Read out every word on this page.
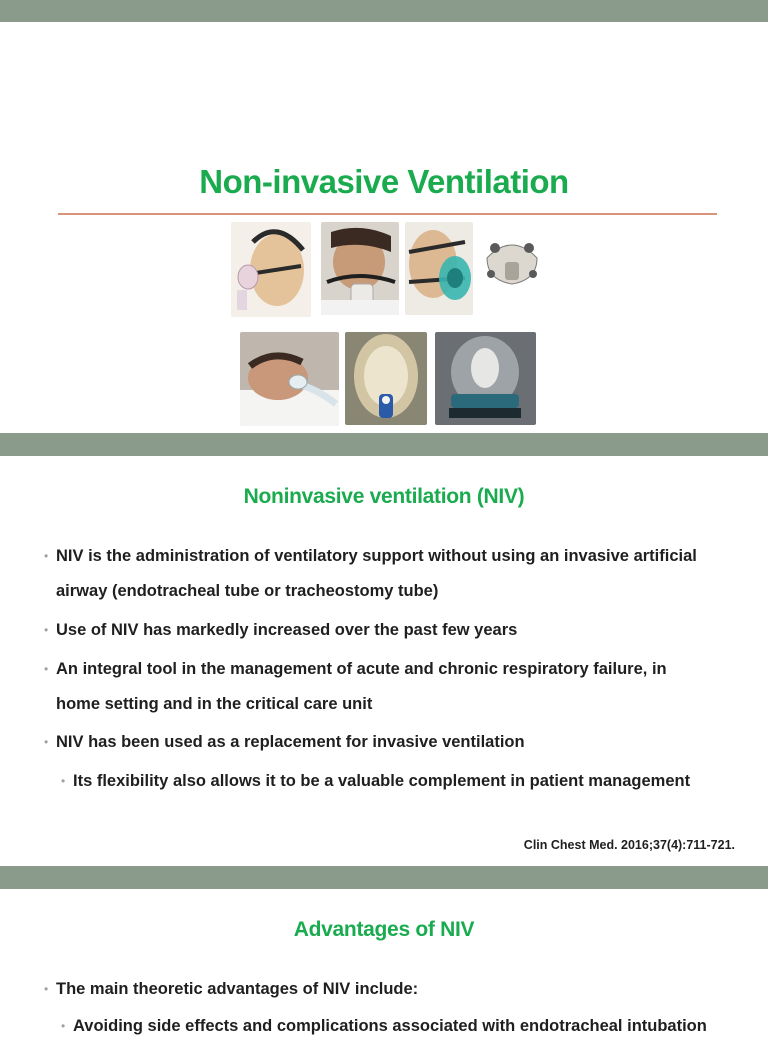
Non-invasive Ventilation
Noninvasive ventilation (NIV)
• NIV is the administration of ventilatory support without using an invasive artificial
airway (endotracheal tube or tracheostomy tube)
• Use of NIV has markedly increased over the past few years
• An integral tool in the management of acute and chronic respiratory failure, in
home setting and in the critical care unit
• NIV has been used as a replacement for invasive ventilation
• Its flexibility also allows it to be a valuable complement in patient management
Clin Chest Med. 2016;37(4):711-721.
Advantages of NIV
• The main theoretic advantages of NIV include:
• Avoiding side effects and complications associated with endotracheal intubation
